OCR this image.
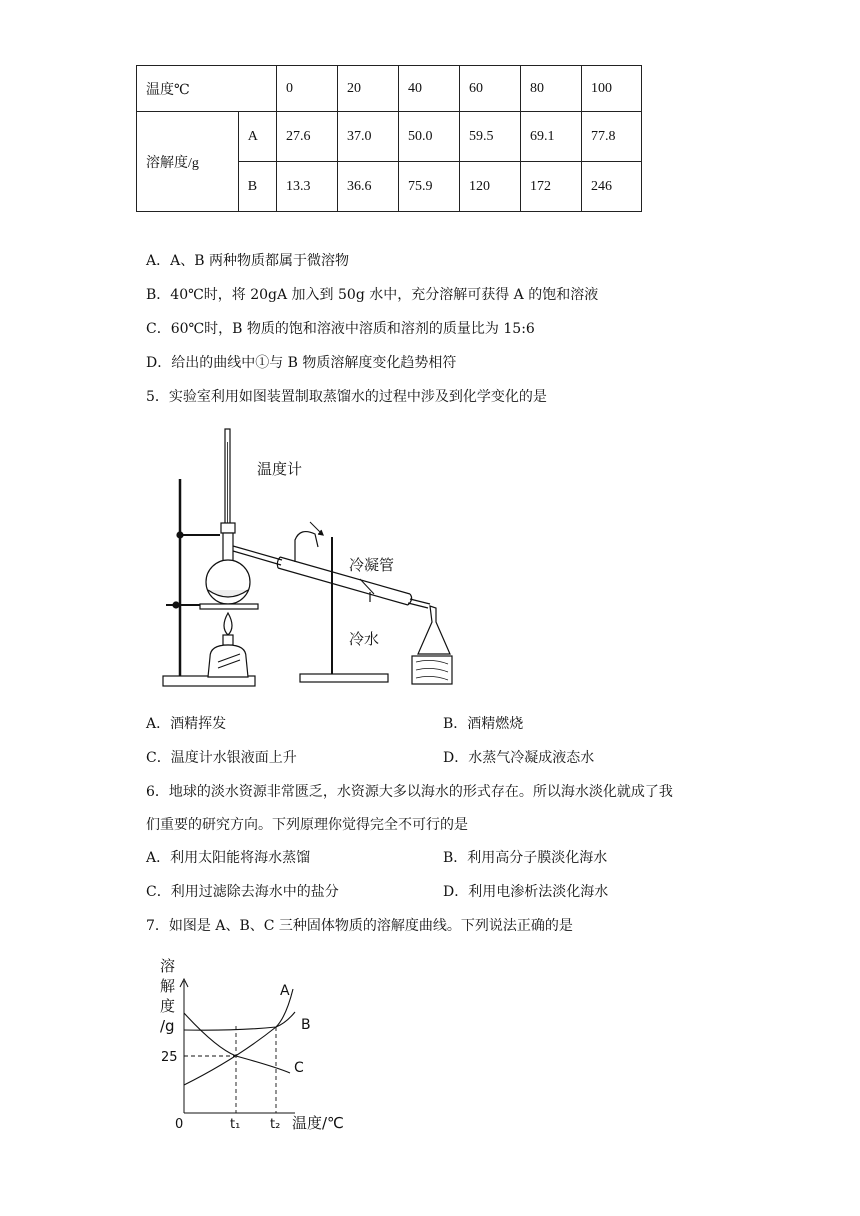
温度℃		0	20	40	60	80	100
溶解度/g	A	27.6	37.0	50.0	59.5	69.1	77.8
	B	13.3	36.6	75.9	120	172	246
A．A、B 两种物质都属于微溶物
B．40℃时，将 20gA 加入到 50g 水中，充分溶解可获得 A 的饱和溶液
C．60℃时，B 物质的饱和溶液中溶质和溶剂的质量比为 15:6
D．给出的曲线中①与 B 物质溶解度变化趋势相符
5．实验室利用如图装置制取蒸馏水的过程中涉及到化学变化的是
温度计
冷凝管
冷水
A．酒精挥发	B．酒精燃烧
C．温度计水银液面上升	D．水蒸气冷凝成液态水
6．地球的淡水资源非常匮乏，水资源大多以海水的形式存在。所以海水淡化就成了我
们重要的研究方向。下列原理你觉得完全不可行的是
A．利用太阳能将海水蒸馏	B．利用高分子膜淡化海水
C．利用过滤除去海水中的盐分	D．利用电渗析法淡化海水
7．如图是 A、B、C 三种固体物质的溶解度曲线。下列说法正确的是
A
B
C
溶
解
度
/g
25
0	t₁ t₂ 温度/℃
